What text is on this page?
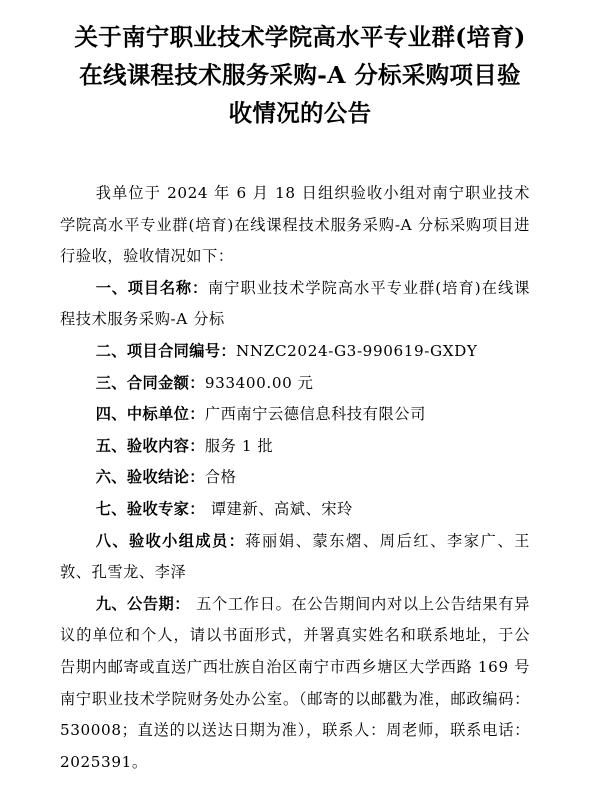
关于南宁职业技术学院高水平专业群(培育)
在线课程技术服务采购-A 分标采购项目验
收情况的公告

我单位于 2024 年 6 月 18 日组织验收小组对南宁职业技术学院高水平专业群(培育)在线课程技术服务采购-A 分标采购项目进行验收，验收情况如下：

一、项目名称：南宁职业技术学院高水平专业群(培育)在线课程技术服务采购-A 分标

二、项目合同编号：NNZC2024-G3-990619-GXDY

三、合同金额：933400.00 元

四、中标单位：广西南宁云德信息科技有限公司

五、验收内容：服务 1 批

六、验收结论：合格

七、验收专家： 谭建新、高斌、宋玲

八、验收小组成员：蒋丽娟、蒙东熠、周后红、李家广、王敦、孔雪龙、李泽

九、公告期： 五个工作日。在公告期间内对以上公告结果有异议的单位和个人，请以书面形式，并署真实姓名和联系地址，于公告期内邮寄或直送广西壮族自治区南宁市西乡塘区大学西路 169 号南宁职业技术学院财务处办公室。（邮寄的以邮戳为准，邮政编码：530008；直送的以送达日期为准），联系人：周老师，联系电话：2025391。
